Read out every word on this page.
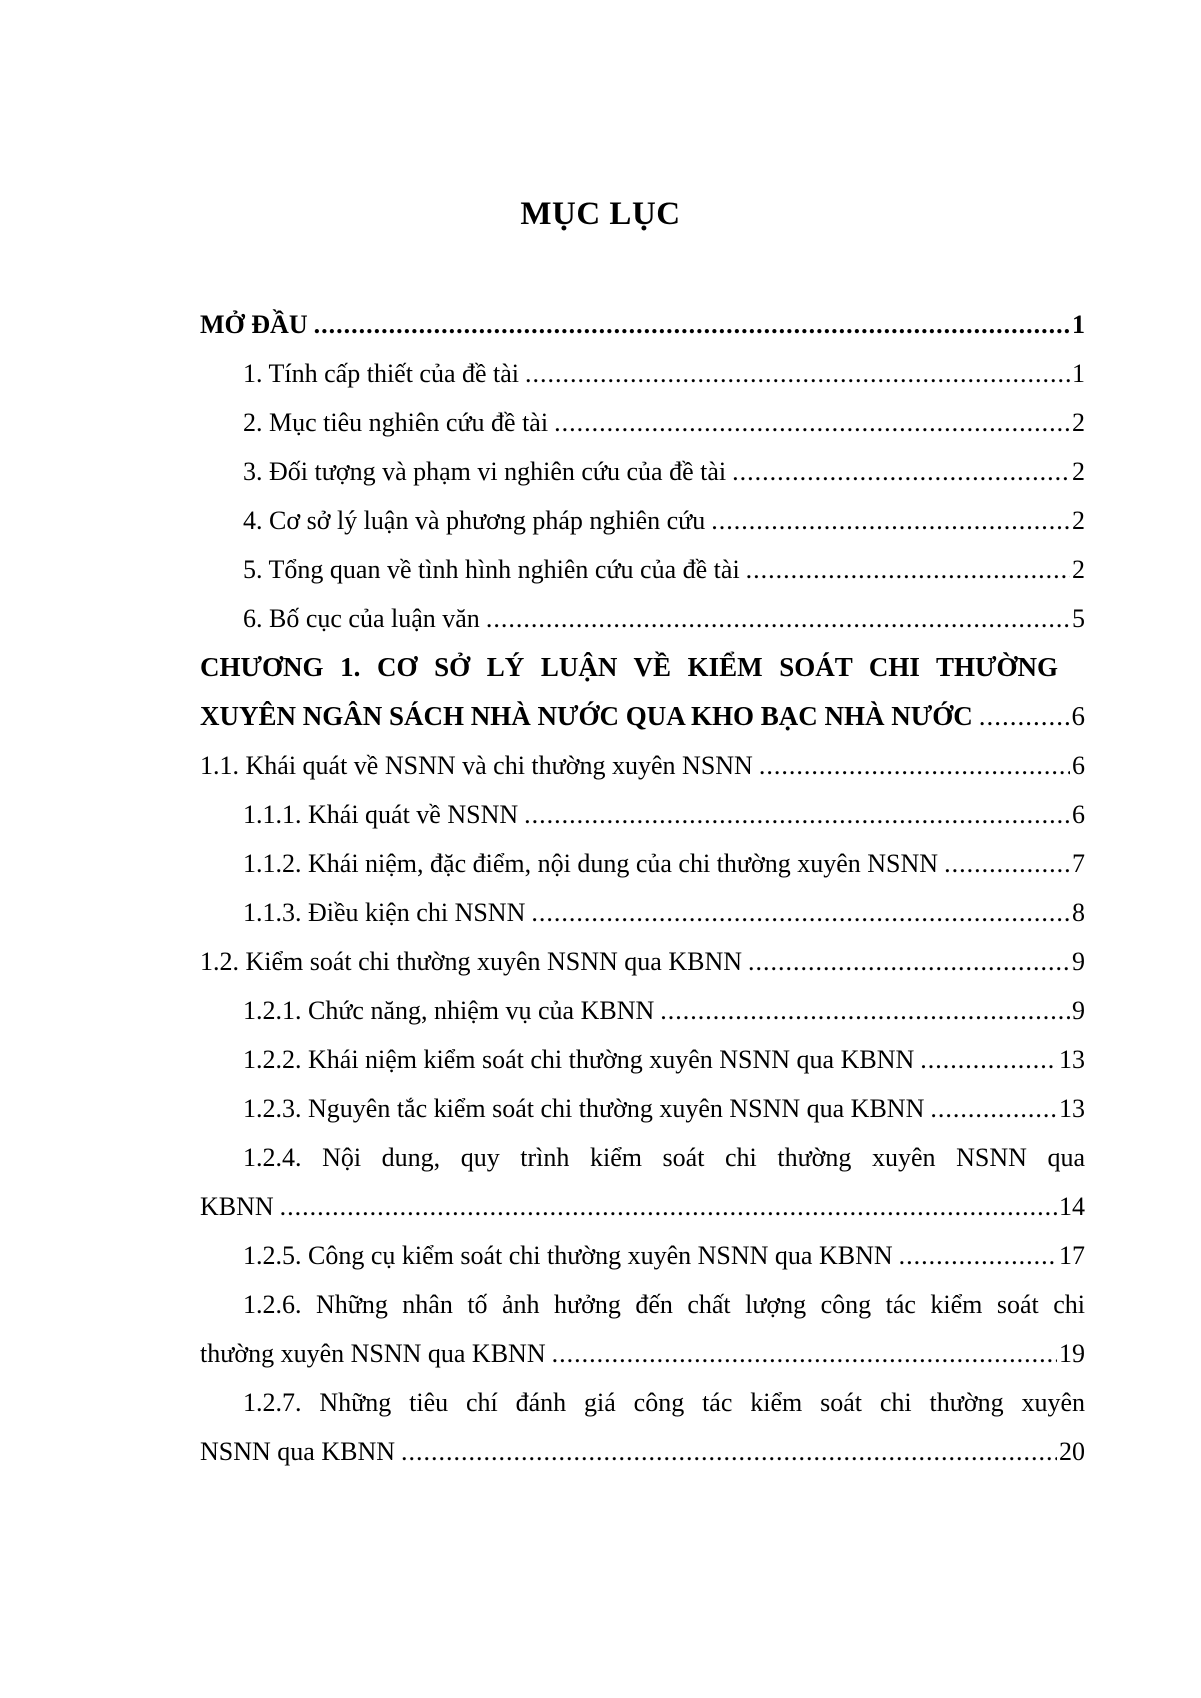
MỤC LỤC
MỞ ĐẦU .....	1
1. Tính cấp thiết của đề tài .....	1
2. Mục tiêu nghiên cứu đề tài .....	2
3. Đối tượng và phạm vi nghiên cứu của đề tài .....	2
4. Cơ sở lý luận và phương pháp nghiên cứu .....	2
5. Tổng quan về tình hình nghiên cứu của đề tài .....	2
6. Bố cục của luận văn .....	5
CHƯƠNG 1. CƠ SỞ LÝ LUẬN VỀ KIỂM SOÁT CHI THƯỜNG
XUYÊN NGÂN SÁCH NHÀ NƯỚC QUA KHO BẠC NHÀ NƯỚC .....	6
1.1. Khái quát về NSNN và chi thường xuyên NSNN .....	6
1.1.1. Khái quát về NSNN .....	6
1.1.2. Khái niệm, đặc điểm, nội dung của chi thường xuyên NSNN .....	7
1.1.3. Điều kiện chi NSNN .....	8
1.2. Kiểm soát chi thường xuyên NSNN qua KBNN .....	9
1.2.1. Chức năng, nhiệm vụ của KBNN .....	9
1.2.2. Khái niệm kiểm soát chi thường xuyên NSNN qua KBNN .....	13
1.2.3. Nguyên tắc kiểm soát chi thường xuyên NSNN qua KBNN .....	13
1.2.4. Nội dung, quy trình kiểm soát chi thường xuyên NSNN qua
KBNN .....	14
1.2.5. Công cụ kiểm soát chi thường xuyên NSNN qua KBNN .....	17
1.2.6. Những nhân tố ảnh hưởng đến chất lượng công tác kiểm soát chi
thường xuyên NSNN qua KBNN .....	19
1.2.7. Những tiêu chí đánh giá công tác kiểm soát chi thường xuyên
NSNN qua KBNN .....	20
